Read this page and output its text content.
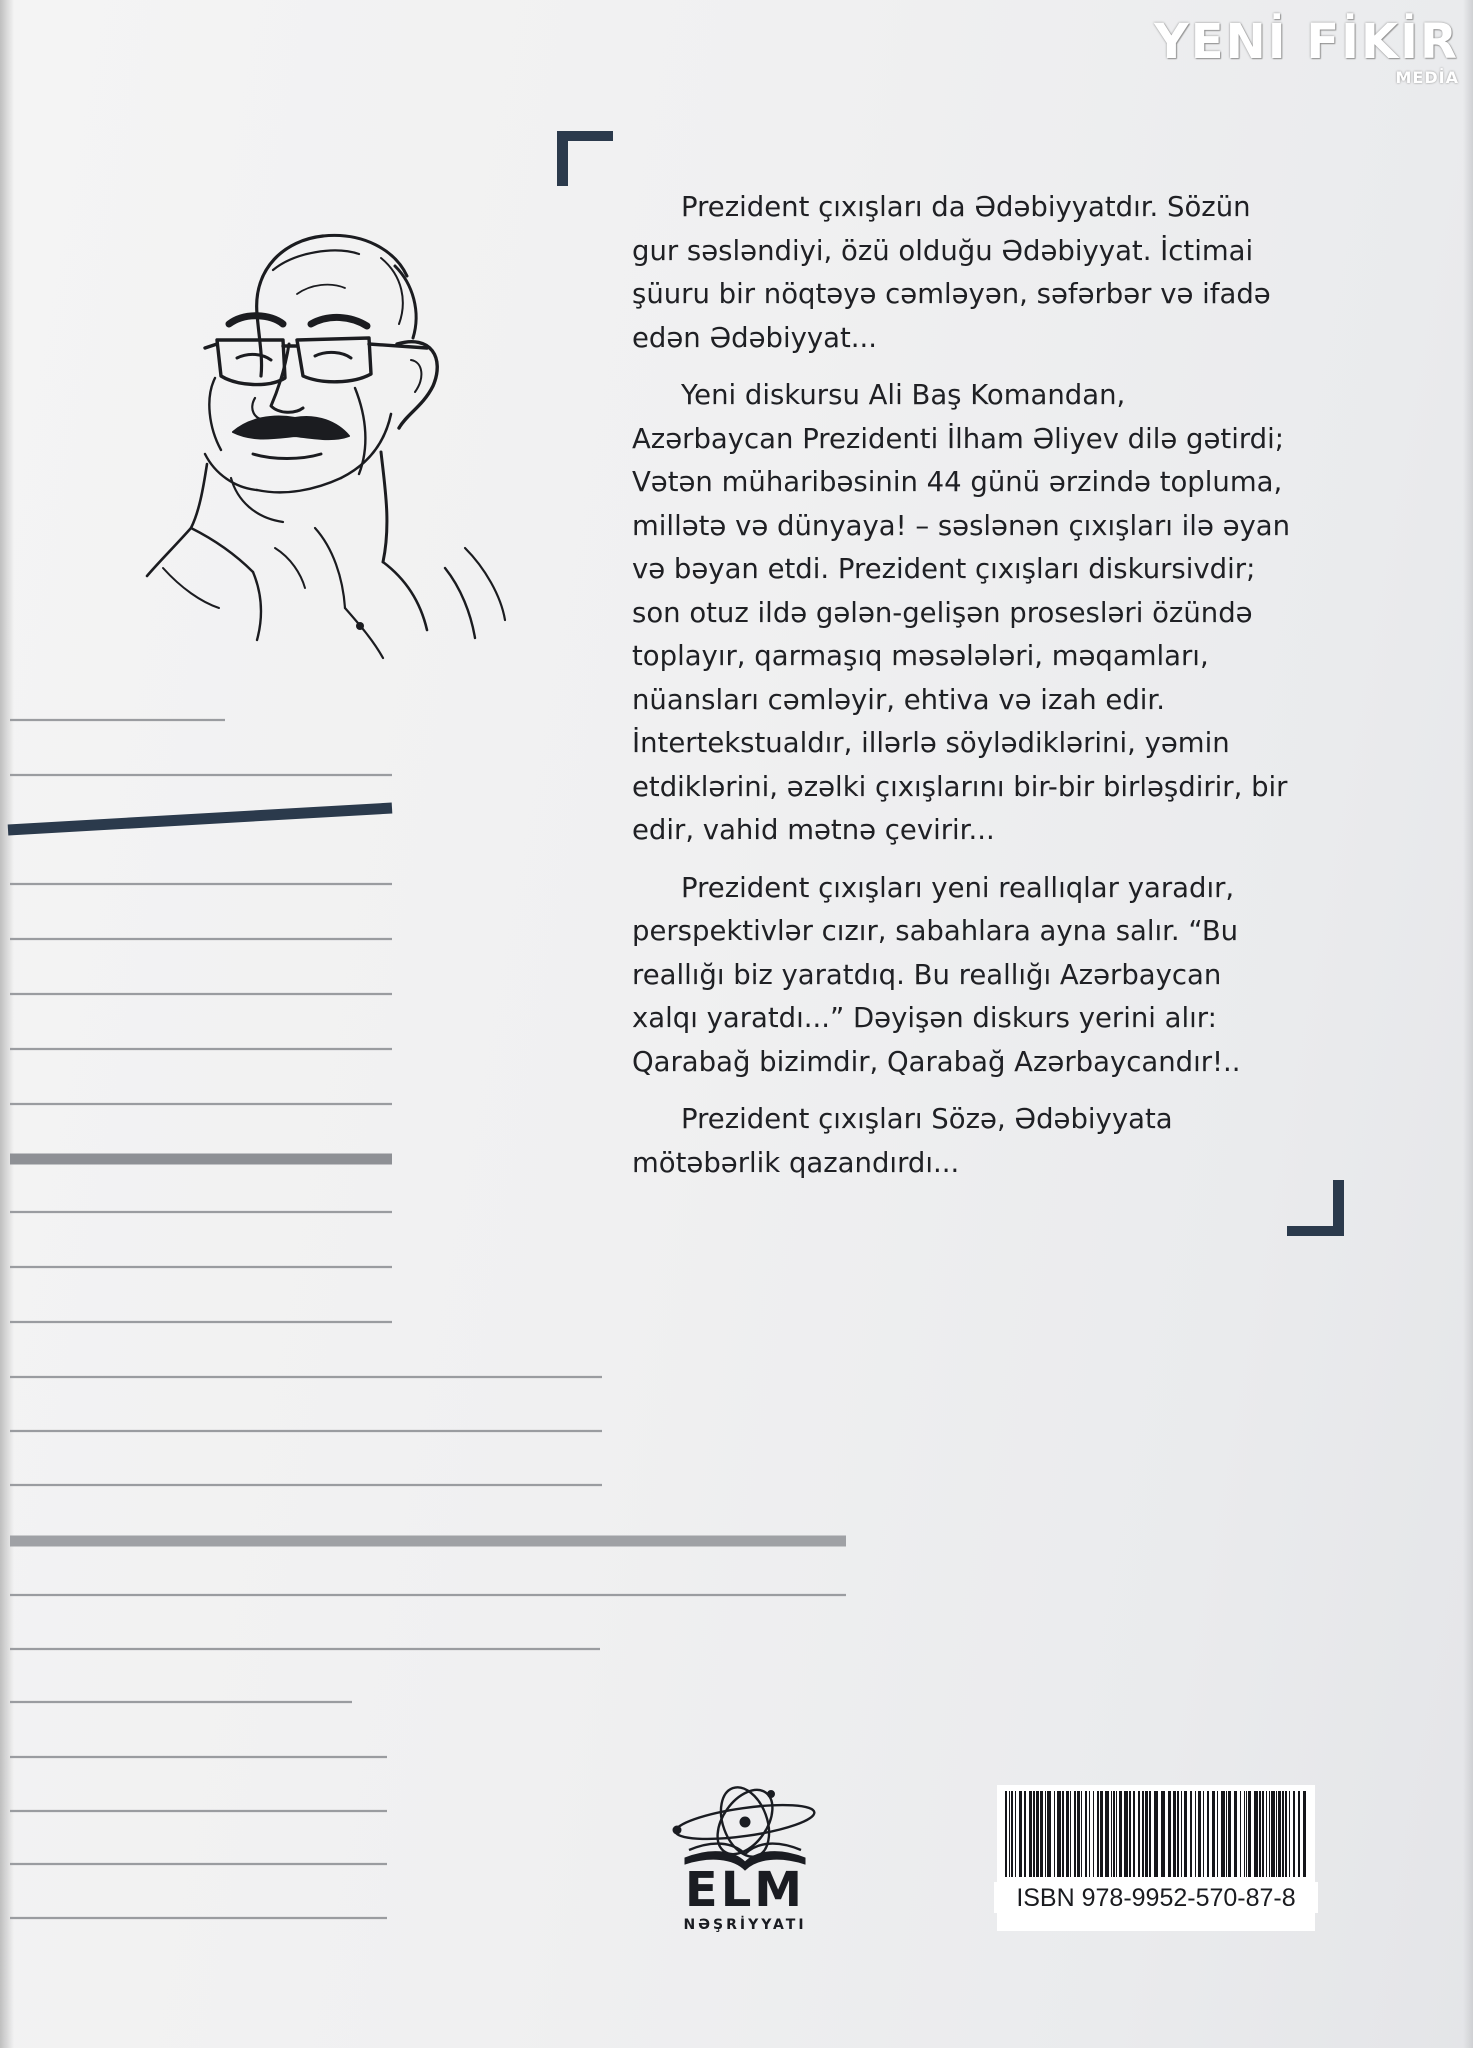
Prezident çıxışları da Ədəbiyyatdır. Sözün
gur səsləndiyi, özü olduğu Ədəbiyyat. İctimai
şüuru bir nöqtəyə cəmləyən, səfərbər və ifadə
edən Ədəbiyyat...
Yeni diskursu Ali Baş Komandan,
Azərbaycan Prezidenti İlham Əliyev dilə gətirdi;
Vətən müharibəsinin 44 günü ərzində topluma,
millətə və dünyaya! – səslənən çıxışları ilə əyan
və bəyan etdi. Prezident çıxışları diskursivdir;
son otuz ildə gələn-gelişən prosesləri özündə
toplayır, qarmaşıq məsələləri, məqamları,
nüansları cəmləyir, ehtiva və izah edir.
İntertekstualdır, illərlə söylədiklərini, yəmin
etdiklərini, əzəlki çıxışlarını bir-bir birləşdirir, bir
edir, vahid mətnə çevirir...
Prezident çıxışları yeni reallıqlar yaradır,
perspektivlər cızır, sabahlara ayna salır. “Bu
reallığı biz yaratdıq. Bu reallığı Azərbaycan
xalqı yaratdı...” Dəyişən diskurs yerini alır:
Qarabağ bizimdir, Qarabağ Azərbaycandır!..
Prezident çıxışları Sözə, Ədəbiyyata
mötəbərlik qazandırdı...
ELM
NƏŞRİYYATI
ISBN 978-9952-570-87-8
YENİ FİKİR
MEDİA
